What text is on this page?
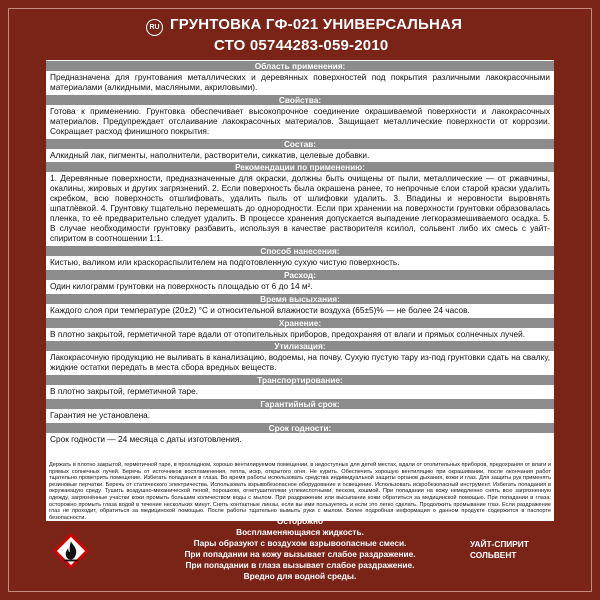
RU ГРУНТОВКА ГФ-021 УНИВЕРСАЛЬНАЯ
СТО 05744283-059-2010
Область применения:
Предназначена для грунтования металлических и деревянных поверхностей под покрытия различными лакокрасочными материалами (алкидными, масляными, акриловыми).
Свойства:
Готова к применению. Грунтовка обеспечивает высокопрочное соединение окрашиваемой поверхности и лакокрасочных материалов. Предупреждает отслаивание лакокрасочных материалов. Защищает металлические поверхности от коррозии. Сокращает расход финишного покрытия.
Состав:
Алкидный лак, пигменты, наполнители, растворители, сиккатив, целевые добавки.
Рекомендации по применению:
1. Деревянные поверхности, предназначенные для окраски, должны быть очищены от пыли, металлические — от ржавчины, окалины, жировых и других загрязнений. 2. Если поверхность была окрашена ранее, то непрочные слои старой краски удалить скребком, всю поверхность отшлифовать, удалить пыль от шлифовки удалить. 3. Впадины и неровности выровнять шпатлёвкой. 4. Грунтовку тщательно перемешать до однородности. Если при хранении на поверхности грунтовки образовалась пленка, то её предварительно следует удалить. В процессе хранения допускается выпадение легкоразмешиваемого осадка. 5. В случае необходимости грунтовку разбавить, используя в качестве растворителя ксилол, сольвент либо их смесь с уайт-спиритом в соотношении 1:1.
Способ нанесения:
Кистью, валиком или краскораспылителем на подготовленную сухую чистую поверхность.
Расход:
Один килограмм грунтовки на поверхность площадью от 6 до 14 м².
Время высыхания:
Каждого слоя при температуре (20±2) °С и относительной влажности воздуха (65±5)% — не более 24 часов.
Хранение:
В плотно закрытой, герметичной таре вдали от отопительных приборов, предохраняя от влаги и прямых солнечных лучей.
Утилизация:
Лакокрасочную продукцию не выливать в канализацию, водоемы, на почву. Сухую пустую тару из-под грунтовки сдать на свалку, жидкие остатки передать в места сбора вредных веществ.
Транспортирование:
В плотно закрытой, герметичной таре.
Гарантийный срок:
Гарантия не установлена.
Срок годности:
Срок годности — 24 месяца с даты изготовления.
Держать в плотно закрытой, герметичной таре, в прохладном, хорошо вентилируемом помещении, в недоступных для детей местах, вдали от отопительных приборов, предохраняя от влаги и прямых солнечных лучей. Беречь от источников воспламенения, тепла, искр, открытого огня. Не курить. Обеспечить хорошую вентиляцию при окрашивании, после окончания работ тщательно проветрить помещение. Избегать попадания в глаза. Во время работы использовать средства индивидуальной защиты органов дыхания, кожи и глаз. Для защиты рук применять резиновые перчатки. Беречь от статического электричества. Использовать взрывобезопасное оборудование и освещение. Использовать искробезопасный инструмент. Избегать попадания в окружающую среду. Тушить воздушно-механической пеной, порошком, огнетушителями углекислотными, песком, кошмой. При попадании на кожу немедленно снять всю загрязненную одежду, загрязнённые участки кожи промыть большим количеством воды с мылом. При раздражении или высыпании кожи обратиться за медицинской помощью. При попадании в глаза: осторожно промыть глаза водой в течение нескольких минут. Снять контактные линзы, если вы ими пользуетесь и если это легко сделать. Продолжить промывание глаз. Если раздражение глаз не проходит, обратиться за медицинской помощью. После работы тщательно вымыть руки с мылом. Более подробная информация о данном продукте содержится в паспорте безопасности.	Осторожно
Воспламеняющаяся жидкость.
Пары образуют с воздухом взрывоопасные смеси.
При попадании на кожу вызывает слабое раздражение.
При попадании в глаза вызывает слабое раздражение.
Вредно для водной среды.
УАЙТ-СПИРИТ
СОЛЬВЕНТ
